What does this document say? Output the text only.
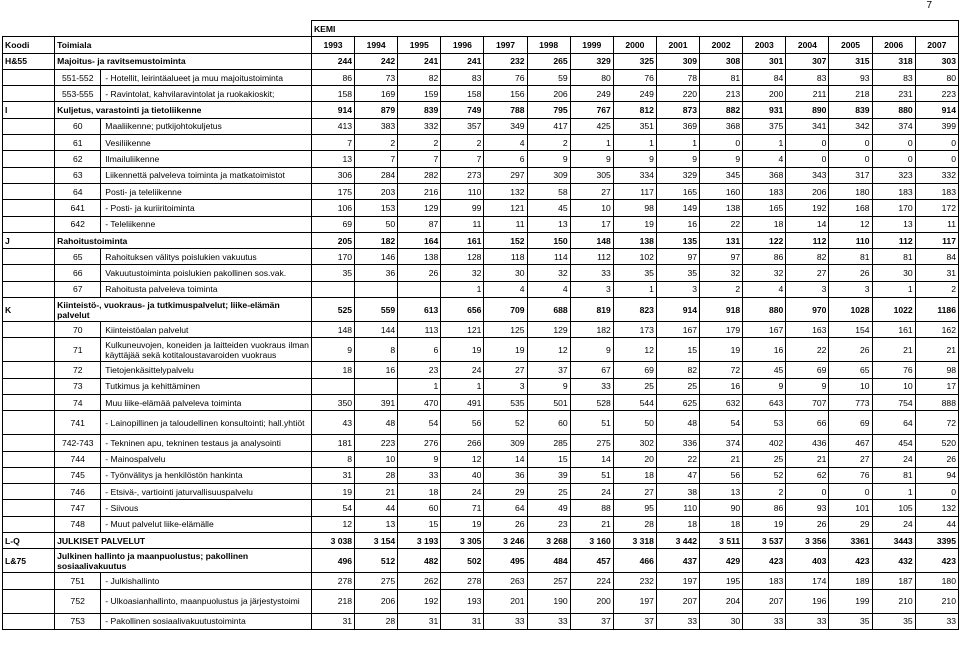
7
			KEMI														
Koodi	Toimiala		1993	1994	1995	1996	1997	1998	1999	2000	2001	2002	2003	2004	2005	2006	2007
H&55	Majoitus- ja ravitsemustoiminta		244	242	241	241	232	265	329	325	309	308	301	307	315	318	303
	551-552	- Hotellit, leirintäalueet ja muu majoitustoiminta	86	73	82	83	76	59	80	76	78	81	84	83	93	83	80
	553-555	- Ravintolat, kahvilaravintolat ja ruokakioskit;	158	169	159	158	156	206	249	249	220	213	200	211	218	231	223
I	Kuljetus, varastointi ja tietoliikenne		914	879	839	749	788	795	767	812	873	882	931	890	839	880	914
	60	Maaliikenne; putkijohtokuljetus	413	383	332	357	349	417	425	351	369	368	375	341	342	374	399
	61	Vesiliikenne	7	2	2	2	4	2	1	1	1	0	1	0	0	0	0
	62	Ilmailuliikenne	13	7	7	7	6	9	9	9	9	9	4	0	0	0	0
	63	Liikennettä palveleva toiminta ja matkatoimistot	306	284	282	273	297	309	305	334	329	345	368	343	317	323	332
	64	Posti- ja teleliikenne	175	203	216	110	132	58	27	117	165	160	183	206	180	183	183
	641	- Posti- ja kuriiritoiminta	106	153	129	99	121	45	10	98	149	138	165	192	168	170	172
	642	- Teleliikenne	69	50	87	11	11	13	17	19	16	22	18	14	12	13	11
J	Rahoitustoiminta		205	182	164	161	152	150	148	138	135	131	122	112	110	112	117
	65	Rahoituksen välitys poislukien vakuutus	170	146	138	128	118	114	112	102	97	97	86	82	81	81	84
	66	Vakuutustoiminta poislukien pakollinen sos.vak.	35	36	26	32	30	32	33	35	35	32	32	27	26	30	31
	67	Rahoitusta palveleva toiminta				1	4	4	3	1	3	2	4	3	3	1	2
K	Kiinteistö-, vuokraus- ja tutkimuspalvelut; liike-elämän palvelut		525	559	613	656	709	688	819	823	914	918	880	970	1028	1022	1186
	70	Kiinteistöalan palvelut	148	144	113	121	125	129	182	173	167	179	167	163	154	161	162
	71	Kulkuneuvojen, koneiden ja laitteiden vuokraus ilman käyttäjää sekä kotitaloustavaroiden vuokraus	9	8	6	19	19	12	9	12	15	19	16	22	26	21	21
	72	Tietojenkäsittelypalvelu	18	16	23	24	27	37	67	69	82	72	45	69	65	76	98
	73	Tutkimus ja kehittäminen			1	1	3	9	33	25	25	16	9	9	10	10	17
	74	Muu liike-elämää palveleva toiminta	350	391	470	491	535	501	528	544	625	632	643	707	773	754	888
	741	- Lainopillinen ja taloudellinen konsultointi; hall.yhtiöt	43	48	54	56	52	60	51	50	48	54	53	66	69	64	72
	742-743	- Tekninen apu, tekninen testaus ja analysointi	181	223	276	266	309	285	275	302	336	374	402	436	467	454	520
	744	- Mainospalvelu	8	10	9	12	14	15	14	20	22	21	25	21	27	24	26
	745	- Työnvälitys ja henkilöstön hankinta	31	28	33	40	36	39	51	18	47	56	52	62	76	81	94
	746	- Etsivä-, vartiointi jaturvallisuuspalvelu	19	21	18	24	29	25	24	27	38	13	2	0	0	1	0
	747	- Siivous	54	44	60	71	64	49	88	95	110	90	86	93	101	105	132
	748	- Muut palvelut liike-elämälle	12	13	15	19	26	23	21	28	18	18	19	26	29	24	44
L-Q	JULKISET PALVELUT		3 038	3 154	3 193	3 305	3 246	3 268	3 160	3 318	3 442	3 511	3 537	3 356	3361	3443	3395
L&75	Julkinen hallinto ja maanpuolustus; pakollinen sosiaalivakuutus		496	512	482	502	495	484	457	466	437	429	423	403	423	432	423
	751	- Julkishallinto	278	275	262	278	263	257	224	232	197	195	183	174	189	187	180
	752	- Ulkoasianhallinto, maanpuolustus ja järjestystoimi	218	206	192	193	201	190	200	197	207	204	207	196	199	210	210
	753	- Pakollinen sosiaalivakuutustoiminta	31	28	31	31	33	33	37	37	33	30	33	33	35	35	33
